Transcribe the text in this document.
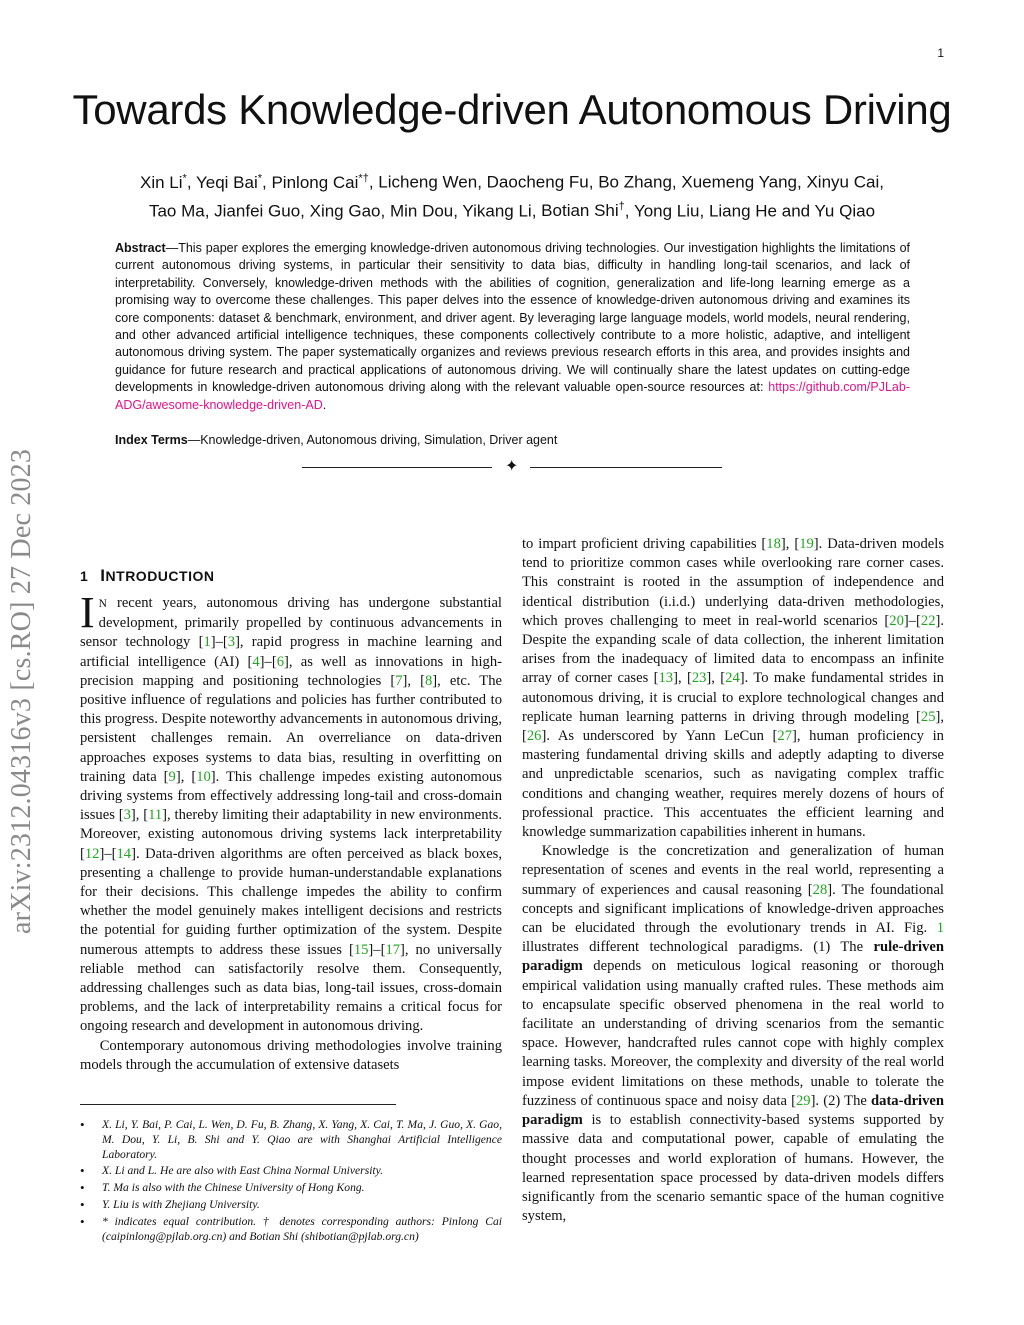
1
Towards Knowledge-driven Autonomous Driving
Xin Li*, Yeqi Bai*, Pinlong Cai*†, Licheng Wen, Daocheng Fu, Bo Zhang, Xuemeng Yang, Xinyu Cai,
Tao Ma, Jianfei Guo, Xing Gao, Min Dou, Yikang Li, Botian Shi†, Yong Liu, Liang He and Yu Qiao
Abstract—This paper explores the emerging knowledge-driven autonomous driving technologies. Our investigation highlights the limitations of current autonomous driving systems, in particular their sensitivity to data bias, difficulty in handling long-tail scenarios, and lack of interpretability. Conversely, knowledge-driven methods with the abilities of cognition, generalization and life-long learning emerge as a promising way to overcome these challenges. This paper delves into the essence of knowledge-driven autonomous driving and examines its core components: dataset & benchmark, environment, and driver agent. By leveraging large language models, world models, neural rendering, and other advanced artificial intelligence techniques, these components collectively contribute to a more holistic, adaptive, and intelligent autonomous driving system. The paper systematically organizes and reviews previous research efforts in this area, and provides insights and guidance for future research and practical applications of autonomous driving. We will continually share the latest updates on cutting-edge developments in knowledge-driven autonomous driving along with the relevant valuable open-source resources at: https://github.com/PJLab-ADG/awesome-knowledge-driven-AD.
Index Terms—Knowledge-driven, Autonomous driving, Simulation, Driver agent
✦
arXiv:2312.04316v3 [cs.RO] 27 Dec 2023	1 INTRODUCTION

I N recent years, autonomous driving has undergone substantial development, primarily propelled by continuous advancements in sensor technology [1]–[3], rapid progress in machine learning and artificial intelligence (AI) [4]–[6], as well as innovations in high-precision mapping and positioning technologies [7], [8], etc. The positive influence of regulations and policies has further contributed to this progress. Despite noteworthy advancements in autonomous driving, persistent challenges remain. An overreliance on data-driven approaches exposes systems to data bias, resulting in overfitting on training data [9], [10]. This challenge impedes existing autonomous driving systems from effectively addressing long-tail and cross-domain issues [3], [11], thereby limiting their adaptability in new environments. Moreover, existing autonomous driving systems lack interpretability [12]–[14]. Data-driven algorithms are often perceived as black boxes, presenting a challenge to provide human-understandable explanations for their decisions. This challenge impedes the ability to confirm whether the model genuinely makes intelligent decisions and restricts the potential for guiding further optimization of the system. Despite numerous attempts to address these issues [15]–[17], no universally reliable method can satisfactorily resolve them. Consequently, addressing challenges such as data bias, long-tail issues, cross-domain problems, and the lack of interpretability remains a critical focus for ongoing research and development in autonomous driving.

Contemporary autonomous driving methodologies involve training models through the accumulation of extensive datasets

to impart proficient driving capabilities [18], [19]. Data-driven models tend to prioritize common cases while overlooking rare corner cases. This constraint is rooted in the assumption of independence and identical distribution (i.i.d.) underlying data-driven methodologies, which proves challenging to meet in real-world scenarios [20]–[22]. Despite the expanding scale of data collection, the inherent limitation arises from the inadequacy of limited data to encompass an infinite array of corner cases [13], [23], [24]. To make fundamental strides in autonomous driving, it is crucial to explore technological changes and replicate human learning patterns in driving through modeling [25], [26]. As underscored by Yann LeCun [27], human proficiency in mastering fundamental driving skills and adeptly adapting to diverse and unpredictable scenarios, such as navigating complex traffic conditions and changing weather, requires merely dozens of hours of professional practice. This accentuates the efficient learning and knowledge summarization capabilities inherent in humans.

Knowledge is the concretization and generalization of human representation of scenes and events in the real world, representing a summary of experiences and causal reasoning [28]. The foundational concepts and significant implications of knowledge-driven approaches can be elucidated through the evolutionary trends in AI. Fig. 1 illustrates different technological paradigms. (1) The rule-driven paradigm depends on meticulous logical reasoning or thorough empirical validation using manually crafted rules. These methods aim to encapsulate specific observed phenomena in the real world to facilitate an understanding of driving scenarios from the semantic space. However, handcrafted rules cannot cope with highly complex learning tasks. Moreover, the complexity and diversity of the real world impose evident limitations on these methods, unable to tolerate the fuzziness of continuous space and noisy data [29]. (2) The data-driven paradigm is to establish connectivity-based systems supported by massive data and computational power, capable of emulating the thought processes and world exploration of humans. However, the learned representation space processed by data-driven models differs significantly from the scenario semantic space of the human cognitive system,

• X. Li, Y. Bai, P. Cai, L. Wen, D. Fu, B. Zhang, X. Yang, X. Cai, T. Ma, J. Guo, X. Gao, M. Dou, Y. Li, B. Shi and Y. Qiao are with Shanghai Artificial Intelligence Laboratory.
• X. Li and L. He are also with East China Normal University.
• T. Ma is also with the Chinese University of Hong Kong.
• Y. Liu is with Zhejiang University.
• * indicates equal contribution. † denotes corresponding authors: Pinlong Cai (caipinlong@pjlab.org.cn) and Botian Shi (shibotian@pjlab.org.cn)
